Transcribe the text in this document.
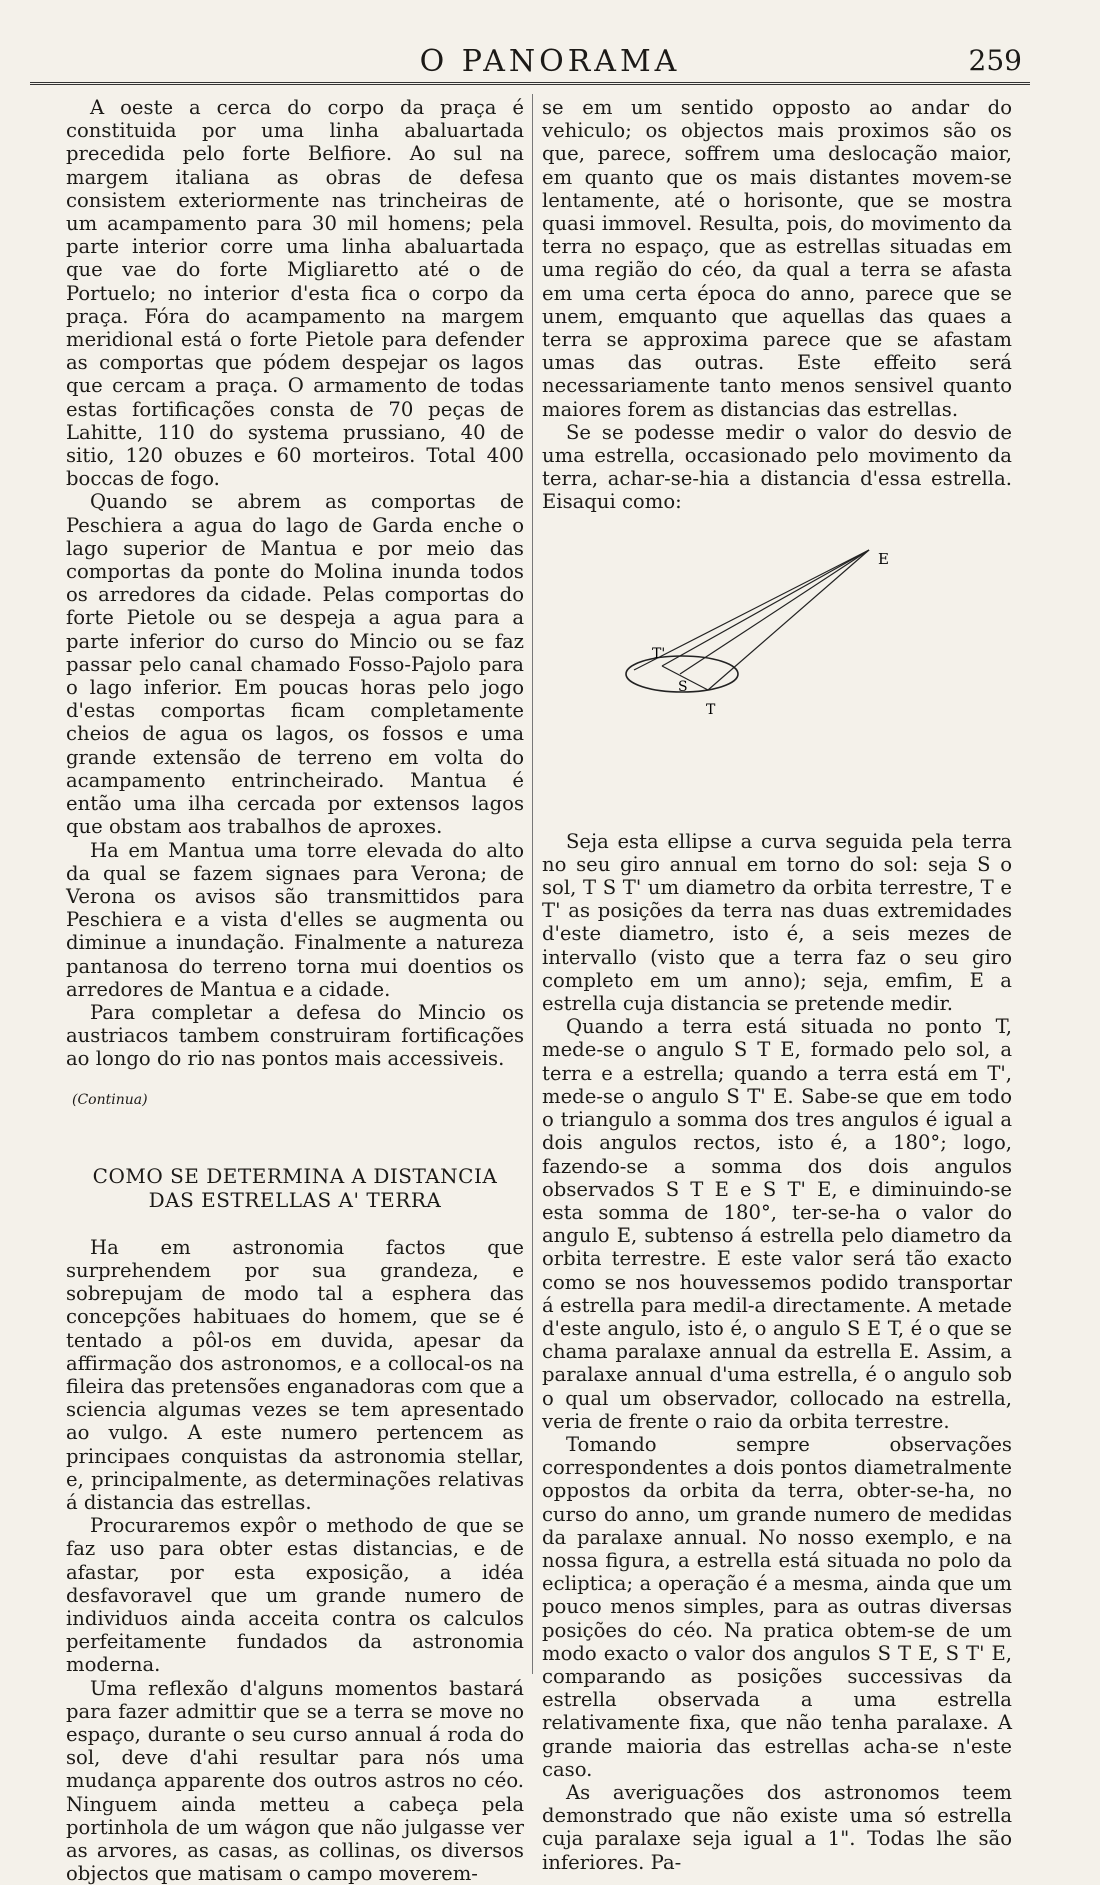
O PANORAMA	259

A oeste a cerca do corpo da praça é constituida por uma linha abaluartada precedida pelo forte Belfiore. Ao sul na margem italiana as obras de defesa consistem exteriormente nas trincheiras de um acampamento para 30 mil homens; pela parte interior corre uma linha abaluartada que vae do forte Migliaretto até o de Portuelo; no interior d'esta fica o corpo da praça. Fóra do acampamento na margem meridional está o forte Pietole para defender as comportas que pódem despejar os lagos que cercam a praça. O armamento de todas estas fortificações consta de 70 peças de Lahitte, 110 do systema prussiano, 40 de sitio, 120 obuzes e 60 morteiros. Total 400 boccas de fogo.

Quando se abrem as comportas de Peschiera a agua do lago de Garda enche o lago superior de Mantua e por meio das comportas da ponte do Molina inunda todos os arredores da cidade. Pelas comportas do forte Pietole ou se despeja a agua para a parte inferior do curso do Mincio ou se faz passar pelo canal chamado Fosso-Pajolo para o lago inferior. Em poucas horas pelo jogo d'estas comportas ficam completamente cheios de agua os lagos, os fossos e uma grande extensão de terreno em volta do acampamento entrincheirado. Mantua é então uma ilha cercada por extensos lagos que obstam aos trabalhos de aproxes.

Ha em Mantua uma torre elevada do alto da qual se fazem signaes para Verona; de Verona os avisos são transmittidos para Peschiera e a vista d'elles se augmenta ou diminue a inundação. Finalmente a natureza pantanosa do terreno torna mui doentios os arredores de Mantua e a cidade.

Para completar a defesa do Mincio os austriacos tambem construiram fortificações ao longo do rio nas pontos mais accessiveis.

(Continua)
COMO SE DETERMINA A DISTANCIA
DAS ESTRELLAS A' TERRA

Ha em astronomia factos que surprehendem por sua grandeza, e sobrepujam de modo tal a esphera das concepções habituaes do homem, que se é tentado a pôl-os em duvida, apesar da affirmação dos astronomos, e a collocal-os na fileira das pretensões enganadoras com que a sciencia algumas vezes se tem apresentado ao vulgo. A este numero pertencem as principaes conquistas da astronomia stellar, e, principalmente, as determinações relativas á distancia das estrellas.

Procuraremos expôr o methodo de que se faz uso para obter estas distancias, e de afastar, por esta exposição, a idéa desfavoravel que um grande numero de individuos ainda acceita contra os calculos perfeitamente fundados da astronomia moderna.

Uma reflexão d'alguns momentos bastará para fazer admittir que se a terra se move no espaço, durante o seu curso annual á roda do sol, deve d'ahi resultar para nós uma mudança apparente dos outros astros no céo. Ninguem ainda metteu a cabeça pela portinhola de um wágon que não julgasse ver as arvores, as casas, as collinas, os diversos objectos que matisam o campo moverem-

se em um sentido opposto ao andar do vehiculo; os objectos mais proximos são os que, parece, soffrem uma deslocação maior, em quanto que os mais distantes movem-se lentamente, até o horisonte, que se mostra quasi immovel. Resulta, pois, do movimento da terra no espaço, que as estrellas situadas em uma região do céo, da qual a terra se afasta em uma certa época do anno, parece que se unem, emquanto que aquellas das quaes a terra se approxima parece que se afastam umas das outras. Este effeito será necessariamente tanto menos sensivel quanto maiores forem as distancias das estrellas.

Se se podesse medir o valor do desvio de uma estrella, occasionado pelo movimento da terra, achar-se-hia a distancia d'essa estrella. Eisaqui como:

E
T'
S
T

Seja esta ellipse a curva seguida pela terra no seu giro annual em torno do sol: seja S o sol, T S T' um diametro da orbita terrestre, T e T' as posições da terra nas duas extremidades d'este diametro, isto é, a seis mezes de intervallo (visto que a terra faz o seu giro completo em um anno); seja, emfim, E a estrella cuja distancia se pretende medir.

Quando a terra está situada no ponto T, mede-se o angulo S T E, formado pelo sol, a terra e a estrella; quando a terra está em T', mede-se o angulo S T' E. Sabe-se que em todo o triangulo a somma dos tres angulos é igual a dois angulos rectos, isto é, a 180°; logo, fazendo-se a somma dos dois angulos observados S T E e S T' E, e diminuindo-se esta somma de 180°, ter-se-ha o valor do angulo E, subtenso á estrella pelo diametro da orbita terrestre. E este valor será tão exacto como se nos houvessemos podido transportar á estrella para medil-a directamente. A metade d'este angulo, isto é, o angulo S E T, é o que se chama paralaxe annual da estrella E. Assim, a paralaxe annual d'uma estrella, é o angulo sob o qual um observador, collocado na estrella, veria de frente o raio da orbita terrestre.

Tomando sempre observações correspondentes a dois pontos diametralmente oppostos da orbita da terra, obter-se-ha, no curso do anno, um grande numero de medidas da paralaxe annual. No nosso exemplo, e na nossa figura, a estrella está situada no polo da ecliptica; a operação é a mesma, ainda que um pouco menos simples, para as outras diversas posições do céo. Na pratica obtem-se de um modo exacto o valor dos angulos S T E, S T' E, comparando as posições successivas da estrella observada a uma estrella relativamente fixa, que não tenha paralaxe. A grande maioria das estrellas acha-se n'este caso.

As averiguações dos astronomos teem demonstrado que não existe uma só estrella cuja paralaxe seja igual a 1". Todas lhe são inferiores. Pa-
